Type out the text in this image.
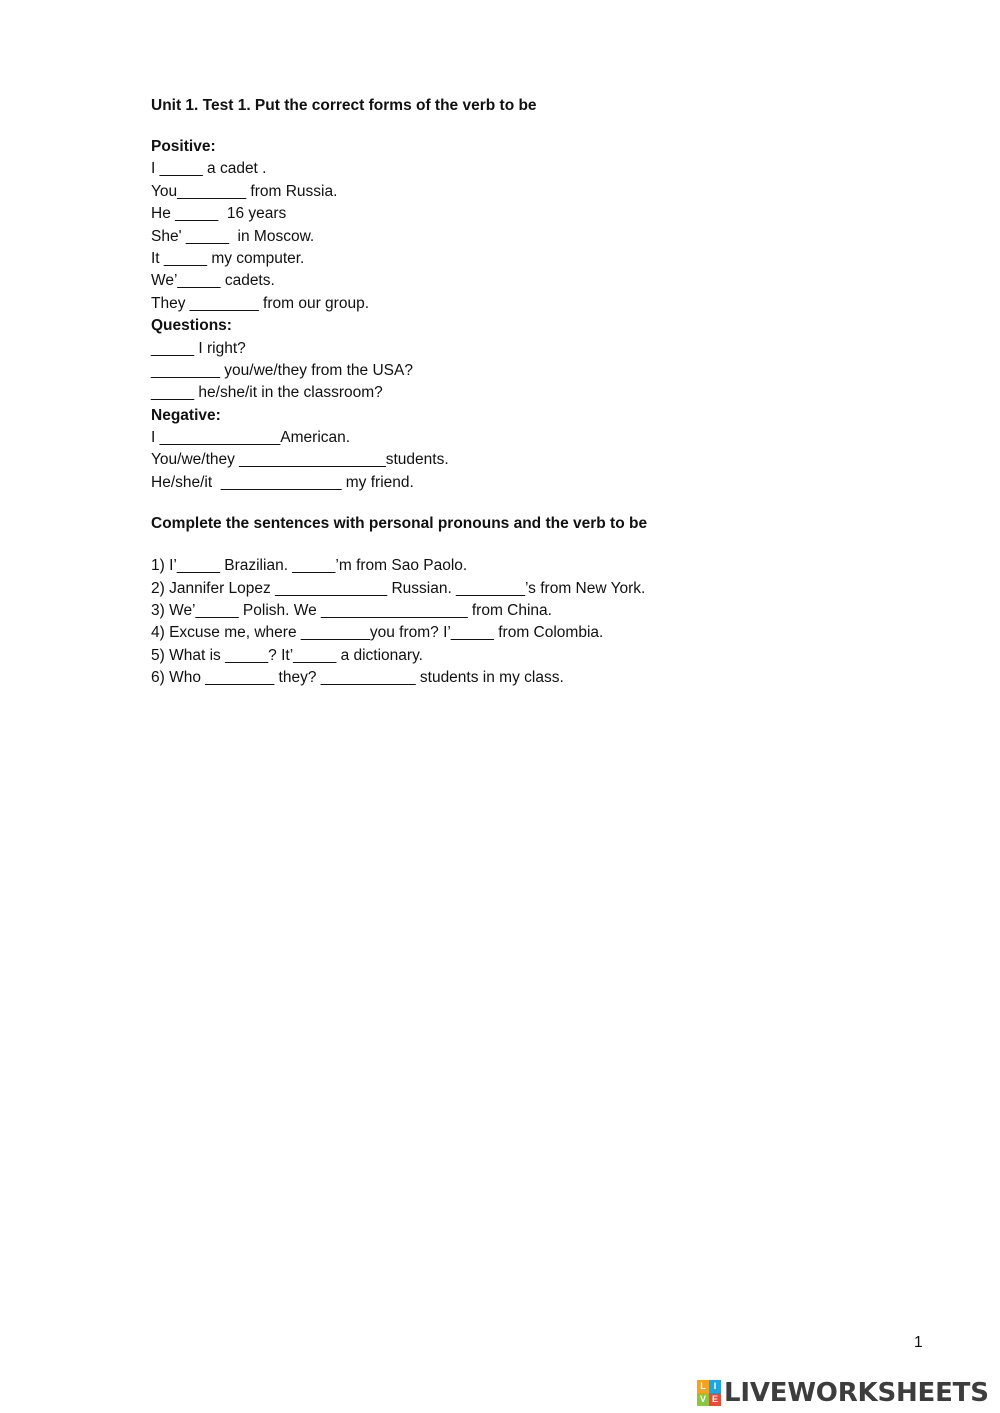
Unit 1. Test 1. Put the correct forms of the verb to be
Positive:
I _____ a cadet .
You________ from Russia.
He _____  16 years
She' _____  in Moscow.
It _____ my computer.
We’_____ cadets.
They ________ from our group.
Questions:
_____ I right?
________ you/we/they from the USA?
_____ he/she/it in the classroom?
Negative:
I ______________American.
You/we/they _________________students.
He/she/it  ______________ my friend.
Complete the sentences with personal pronouns and the verb to be
1) I’_____ Brazilian. _____’m from Sao Paolo.
2) Jannifer Lopez _____________ Russian. ________’s from New York.
3) We’_____ Polish. We _________________ from China.
4) Excuse me, where ________you from? I’_____ from Colombia.
5) What is _____? It’_____ a dictionary.
6) Who ________ they? ___________ students in my class.
1
L I
V E LIVEWORKSHEETS
